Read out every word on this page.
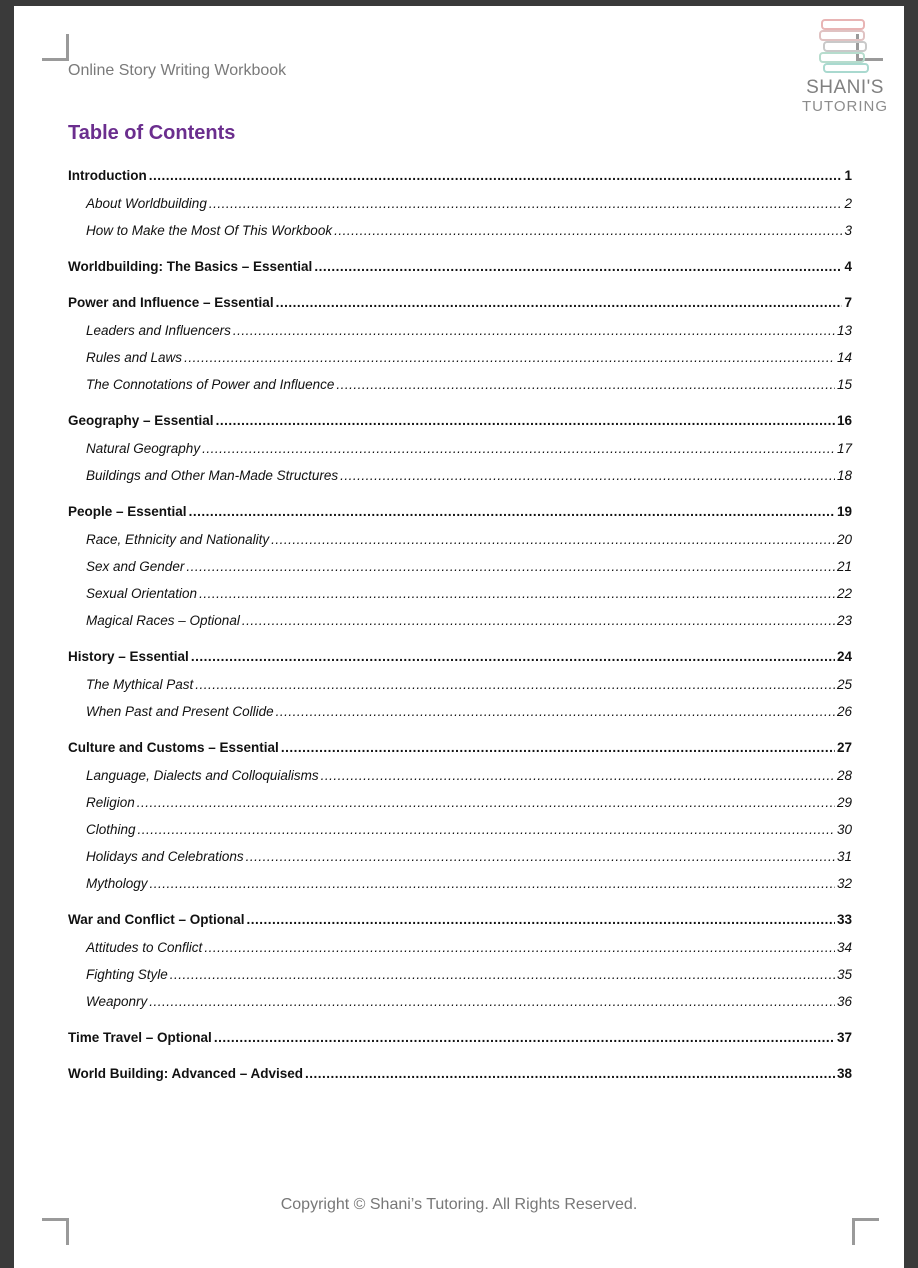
Online Story Writing Workbook
SHANI'S
TUTORING
Table of Contents
Introduction .....	1
About Worldbuilding .....	2
How to Make the Most Of This Workbook .....	3
Worldbuilding: The Basics – Essential .....	4
Power and Influence – Essential .....	7
Leaders and Influencers .....	13
Rules and Laws .....	14
The Connotations of Power and Influence .....	15
Geography – Essential .....	16
Natural Geography .....	17
Buildings and Other Man-Made Structures .....	18
People – Essential .....	19
Race, Ethnicity and Nationality .....	20
Sex and Gender .....	21
Sexual Orientation .....	22
Magical Races – Optional .....	23
History – Essential .....	24
The Mythical Past .....	25
When Past and Present Collide .....	26
Culture and Customs – Essential .....	27
Language, Dialects and Colloquialisms .....	28
Religion .....	29
Clothing .....	30
Holidays and Celebrations .....	31
Mythology .....	32
War and Conflict – Optional .....	33
Attitudes to Conflict .....	34
Fighting Style .....	35
Weaponry .....	36
Time Travel – Optional .....	37
World Building: Advanced – Advised .....	38
Copyright © Shani’s Tutoring. All Rights Reserved.
